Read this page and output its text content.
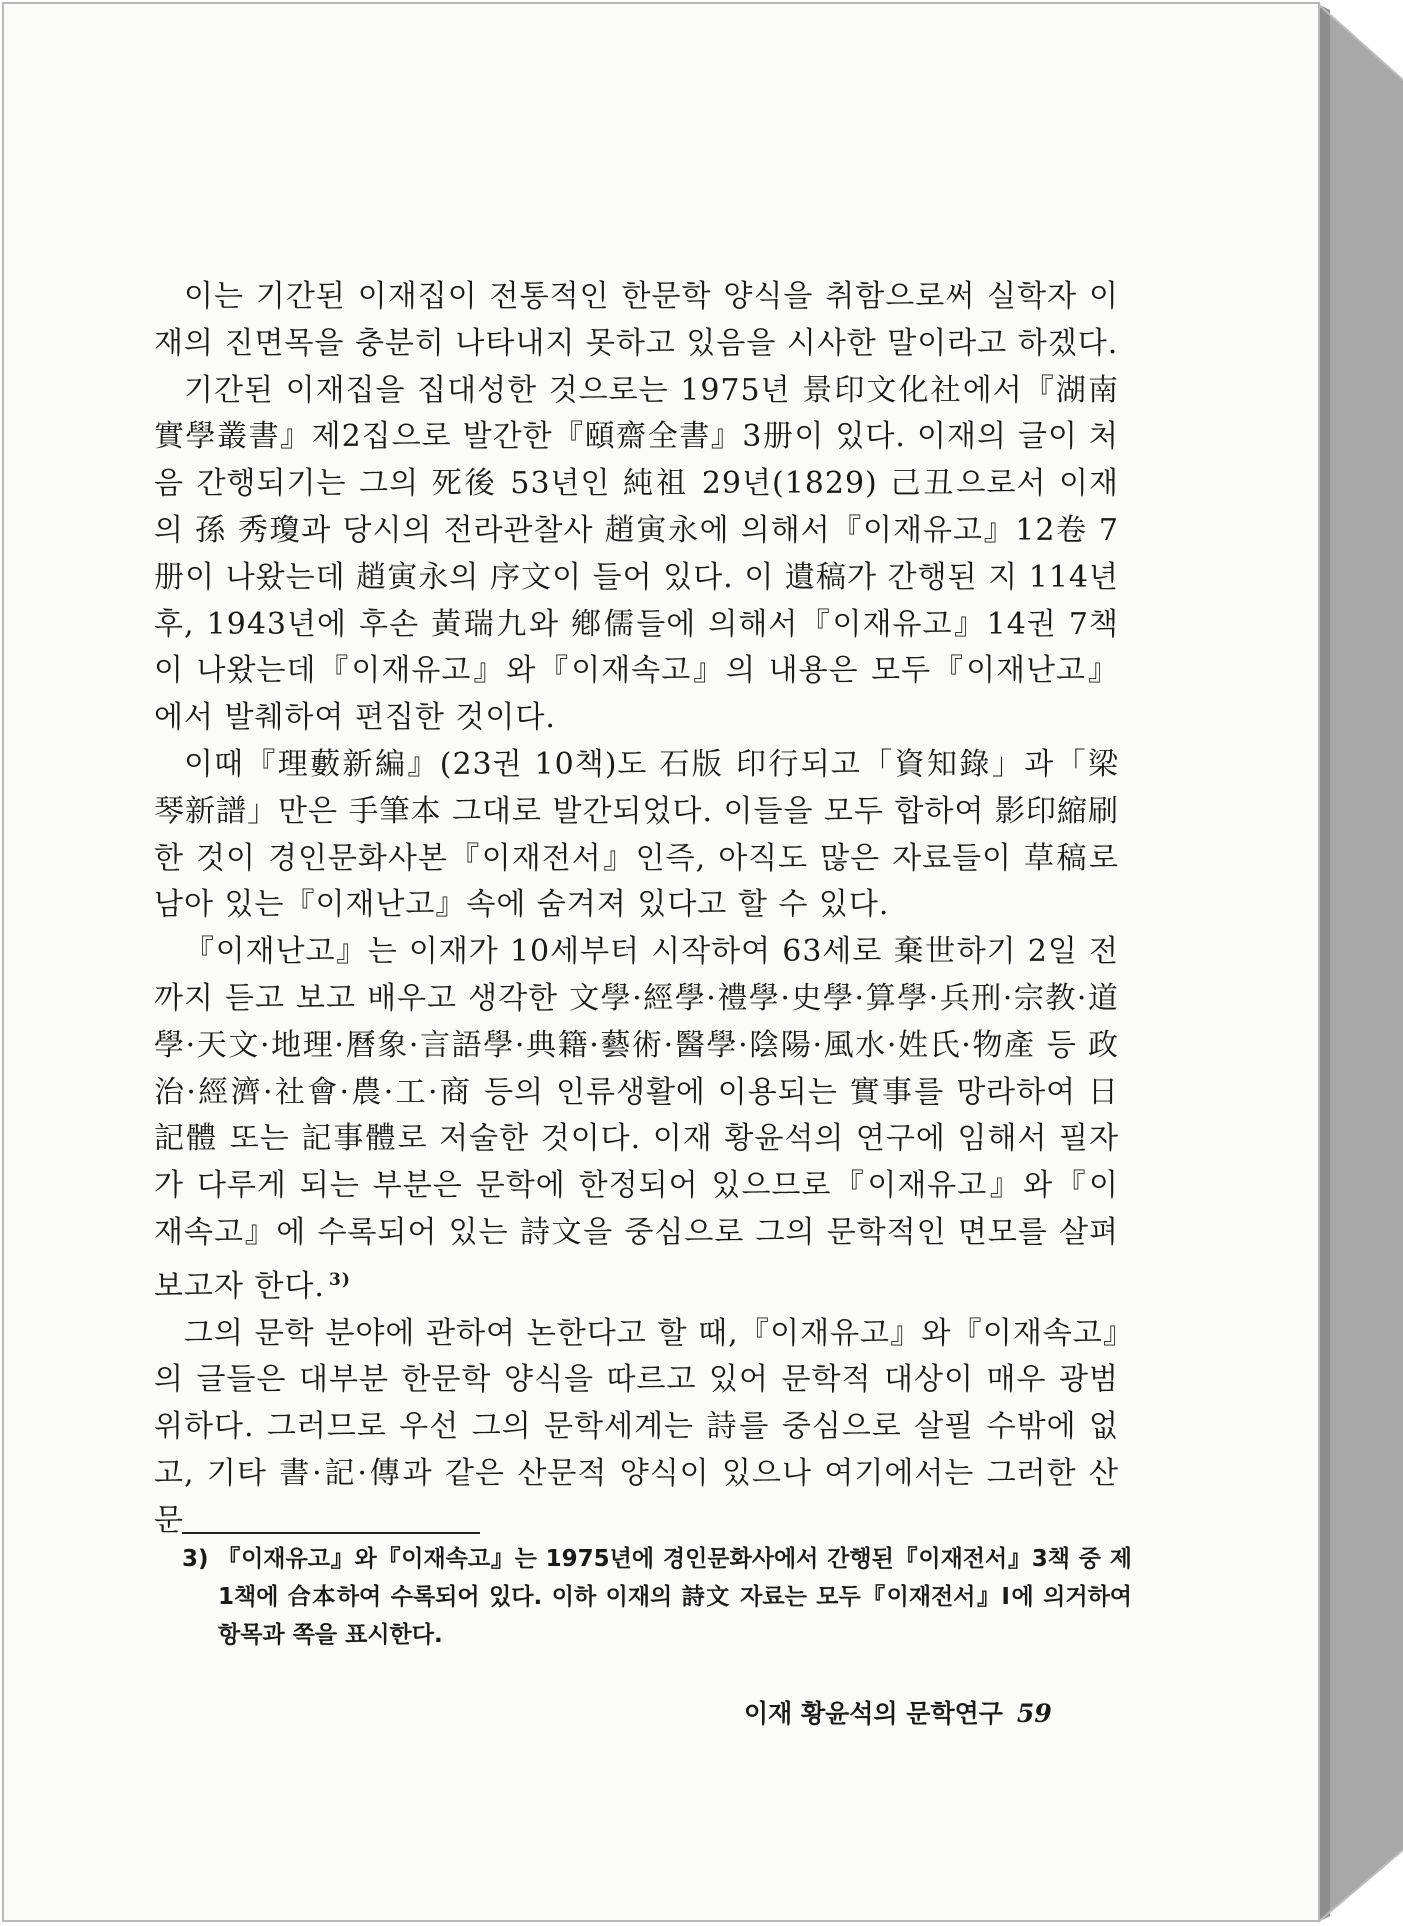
이는 기간된 이재집이 전통적인 한문학 양식을 취함으로써 실학자 이재의 진면목을 충분히 나타내지 못하고 있음을 시사한 말이라고 하겠다.

기간된 이재집을 집대성한 것으로는 1975년 景印文化社에서『湖南實學叢書』제2집으로 발간한『頤齋全書』3册이 있다. 이재의 글이 처음 간행되기는 그의 死後 53년인 純祖 29년(1829) 己丑으로서 이재의 孫 秀瓊과 당시의 전라관찰사 趙寅永에 의해서『이재유고』12卷 7册이 나왔는데 趙寅永의 序文이 들어 있다. 이 遺稿가 간행된 지 114년 후, 1943년에 후손 黃瑞九와 鄕儒들에 의해서『이재유고』14권 7책이 나왔는데『이재유고』와『이재속고』의 내용은 모두『이재난고』에서 발췌하여 편집한 것이다.

이때『理藪新編』(23권 10책)도 石版 印行되고「資知錄」과「梁琴新譜」만은 手筆本 그대로 발간되었다. 이들을 모두 합하여 影印縮刷한 것이 경인문화사본『이재전서』인즉, 아직도 많은 자료들이 草稿로 남아 있는『이재난고』속에 숨겨져 있다고 할 수 있다.

『이재난고』는 이재가 10세부터 시작하여 63세로 棄世하기 2일 전까지 듣고 보고 배우고 생각한 文學·經學·禮學·史學·算學·兵刑·宗教·道學·天文·地理·曆象·言語學·典籍·藝術·醫學·陰陽·風水·姓氏·物產 등 政治·經濟·社會·農·工·商 등의 인류생활에 이용되는 實事를 망라하여 日記體 또는 記事體로 저술한 것이다. 이재 황윤석의 연구에 임해서 필자가 다루게 되는 부분은 문학에 한정되어 있으므로『이재유고』와『이재속고』에 수록되어 있는 詩文을 중심으로 그의 문학적인 면모를 살펴보고자 한다. $^{3)}$

그의 문학 분야에 관하여 논한다고 할 때,『이재유고』와『이재속고』의 글들은 대부분 한문학 양식을 따르고 있어 문학적 대상이 매우 광범위하다. 그러므로 우선 그의 문학세계는 詩를 중심으로 살필 수밖에 없고, 기타 書·記·傳과 같은 산문적 양식이 있으나 여기에서는 그러한 산문

3) 『이재유고』와『이재속고』는 1975년에 경인문화사에서 간행된『이재전서』3책 중 제1책에 合本하여 수록되어 있다. 이하 이재의 詩文 자료는 모두『이재전서』Ⅰ에 의거하여 항목과 쪽을 표시한다.

이재 황윤석의 문학연구 59
